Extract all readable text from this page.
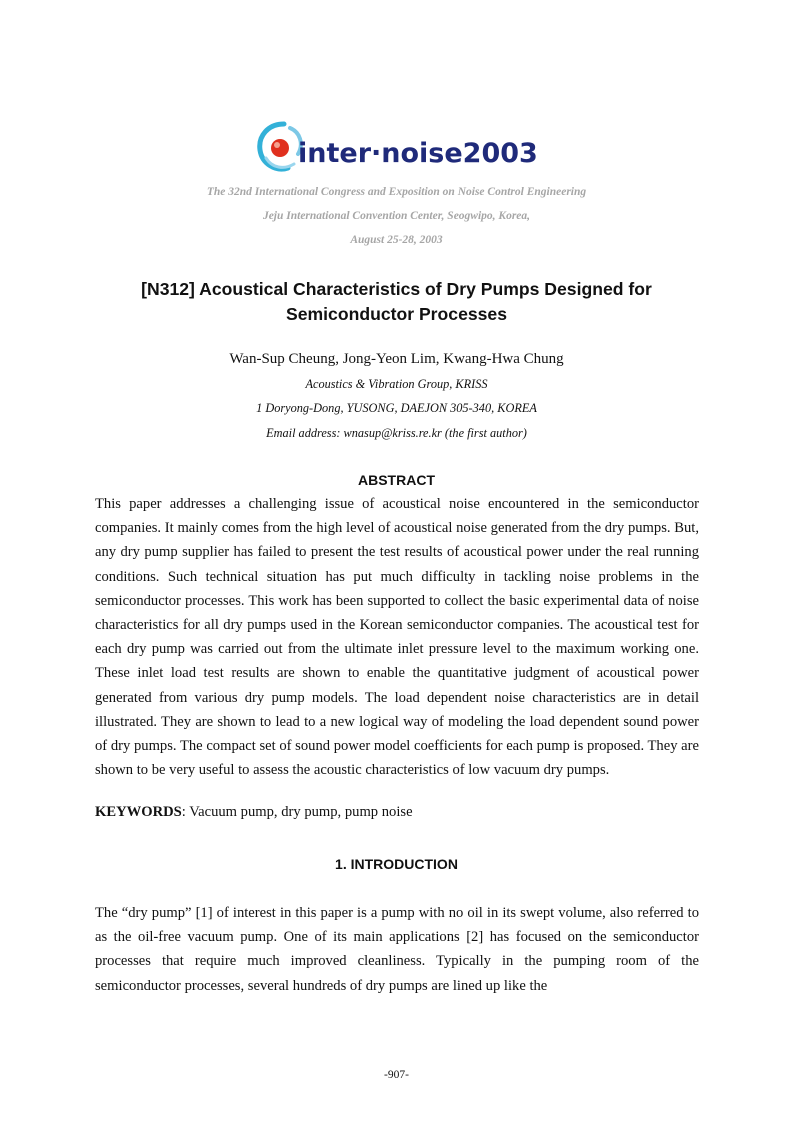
inter·noise2003
The 32nd International Congress and Exposition on Noise Control Engineering
Jeju International Convention Center, Seogwipo, Korea,
August 25-28, 2003
[N312] Acoustical Characteristics of Dry Pumps Designed for Semiconductor Processes
Wan-Sup Cheung, Jong-Yeon Lim, Kwang-Hwa Chung
Acoustics & Vibration Group, KRISS
1 Doryong-Dong, YUSONG, DAEJON 305-340, KOREA
Email address: wnasup@kriss.re.kr (the first author)
ABSTRACT

This paper addresses a challenging issue of acoustical noise encountered in the semiconductor companies. It mainly comes from the high level of acoustical noise generated from the dry pumps. But, any dry pump supplier has failed to present the test results of acoustical power under the real running conditions. Such technical situation has put much difficulty in tackling noise problems in the semiconductor processes. This work has been supported to collect the basic experimental data of noise characteristics for all dry pumps used in the Korean semiconductor companies. The acoustical test for each dry pump was carried out from the ultimate inlet pressure level to the maximum working one. These inlet load test results are shown to enable the quantitative judgment of acoustical power generated from various dry pump models. The load dependent noise characteristics are in detail illustrated. They are shown to lead to a new logical way of modeling the load dependent sound power of dry pumps. The compact set of sound power model coefficients for each pump is proposed. They are shown to be very useful to assess the acoustic characteristics of low vacuum dry pumps.

KEYWORDS: Vacuum pump, dry pump, pump noise
1. INTRODUCTION

The “dry pump” [1] of interest in this paper is a pump with no oil in its swept volume, also referred to as the oil-free vacuum pump. One of its main applications [2] has focused on the semiconductor processes that require much improved cleanliness. Typically in the pumping room of the semiconductor processes, several hundreds of dry pumps are lined up like the

-907-
